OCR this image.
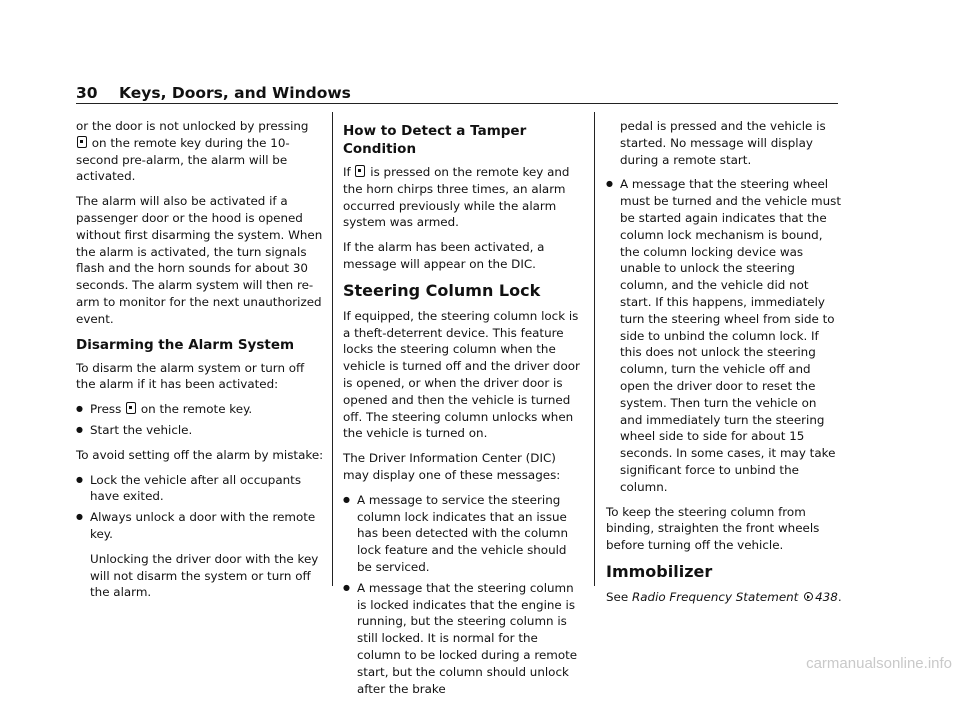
30 Keys, Doors, and Windows

or the door is not unlocked by pressing  on the remote key during the 10-second pre-alarm, the alarm will be activated.

The alarm will also be activated if a passenger door or the hood is opened without first disarming the system. When the alarm is activated, the turn signals flash and the horn sounds for about 30 seconds. The alarm system will then re-arm to monitor for the next unauthorized event.

Disarming the Alarm System

To disarm the alarm system or turn off the alarm if it has been activated:

● Press on the remote key.
● Start the vehicle.

To avoid setting off the alarm by mistake:

● Lock the vehicle after all occupants have exited.
● Always unlock a door with the remote key.

Unlocking the driver door with the key will not disarm the system or turn off the alarm.

How to Detect a Tamper Condition

If is pressed on the remote key and the horn chirps three times, an alarm occurred previously while the alarm system was armed.

If the alarm has been activated, a message will appear on the DIC.

Steering Column Lock

If equipped, the steering column lock is a theft-deterrent device. This feature locks the steering column when the vehicle is turned off and the driver door is opened, or when the driver door is opened and then the vehicle is turned off. The steering column unlocks when the vehicle is turned on.

The Driver Information Center (DIC) may display one of these messages:

● A message to service the steering column lock indicates that an issue has been detected with the column lock feature and the vehicle should be serviced.
● A message that the steering column is locked indicates that the engine is running, but the steering column is still locked. It is normal for the column to be locked during a remote start, but the column should unlock after the brake

pedal is pressed and the vehicle is started. No message will display during a remote start.

● A message that the steering wheel must be turned and the vehicle must be started again indicates that the column lock mechanism is bound, the column locking device was unable to unlock the steering column, and the vehicle did not start. If this happens, immediately turn the steering wheel from side to side to unbind the column lock. If this does not unlock the steering column, turn the vehicle off and open the driver door to reset the system. Then turn the vehicle on and immediately turn the steering wheel side to side for about 15 seconds. In some cases, it may take significant force to unbind the column.

To keep the steering column from binding, straighten the front wheels before turning off the vehicle.

Immobilizer

See Radio Frequency Statement 438.

carmanualsonline.info
